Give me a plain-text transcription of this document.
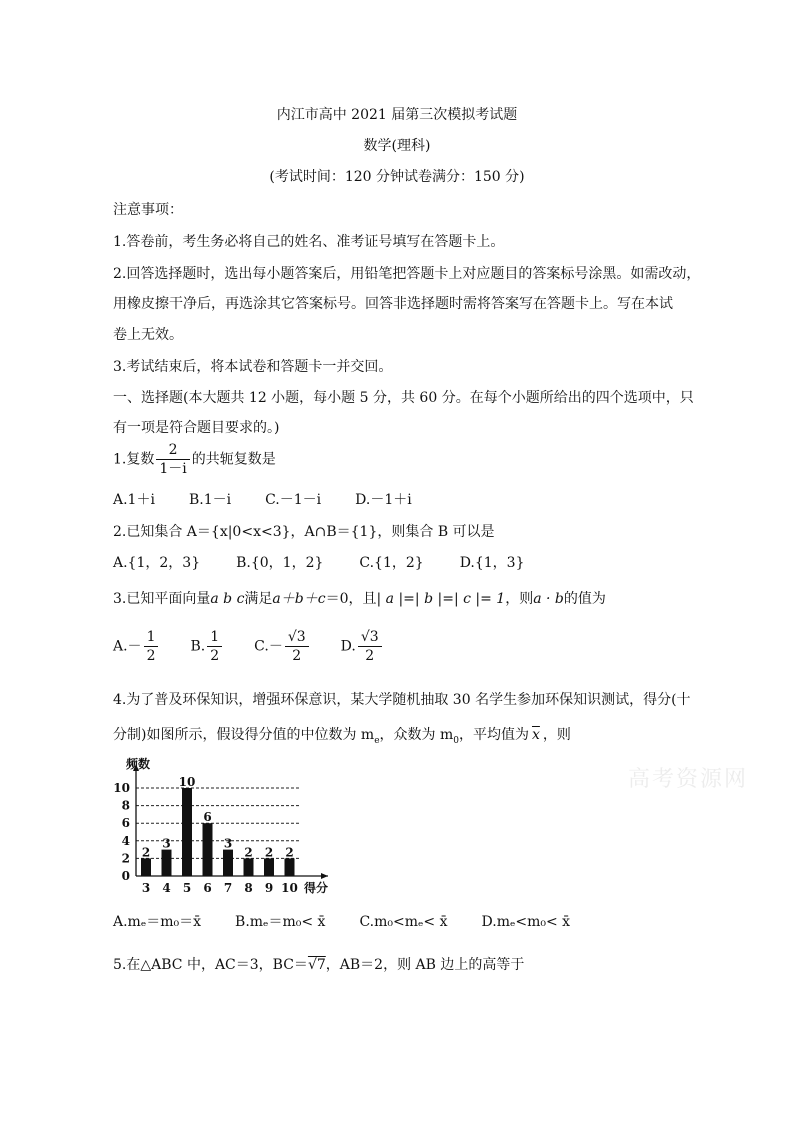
内江市高中 2021 届第三次模拟考试题
数学(理科)
(考试时间：120 分钟试卷满分：150 分)
注意事项：
1.答卷前，考生务必将自己的姓名、准考证号填写在答题卡上。
2.回答选择题时，选出每小题答案后，用铅笔把答题卡上对应题目的答案标号涂黑。如需改动，
用橡皮擦干净后，再选涂其它答案标号。回答非选择题时需将答案写在答题卡上。写在本试
卷上无效。
3.考试结束后，将本试卷和答题卡一并交回。
一、选择题(本大题共 12 小题，每小题 5 分，共 60 分。在每个小题所给出的四个选项中，只
有一项是符合题目要求的。)
1.复数 $\frac{2}{1-i}$ 的共轭复数是
A.1＋i B.1－i C.－1－i D.－1＋i
2.已知集合 A＝{x|0<x<3}，A∩B＝{1}，则集合 B 可以是
A.{1，2，3}	B.{0，1，2}	C.{1，2}	D.{1，3}
3.已知平面向量a b c满足a＋b＋c＝0，且| a |=| b |=| c |= 1，则a · b的值为
$A.- \frac{1}{2} B$. $\frac{1}{2} C.- \frac{√3}{2} D$. $\frac{√3}{2}$
4.为了普及环保知识，增强环保意识，某大学随机抽取 30 名学生参加环保知识测试，得分(十
分制)如图所示，假设得分值的中位数为 $m_e$，众数为 $m_0$，平均值为 $\overline{x}$ ，则
0
2
4
6
8
10
频数
得分
2
3
3
4
10
5
6
6
3
7
2
8
2
9
2
10
A.mₑ＝m₀＝x̄ B.mₑ＝m₀< x̄ C.m₀<mₑ< x̄ D.mₑ<m₀< x̄
5.在△ABC 中，AC＝3，BC＝√7，AB＝2，则 AB 边上的高等于
高考资源网
